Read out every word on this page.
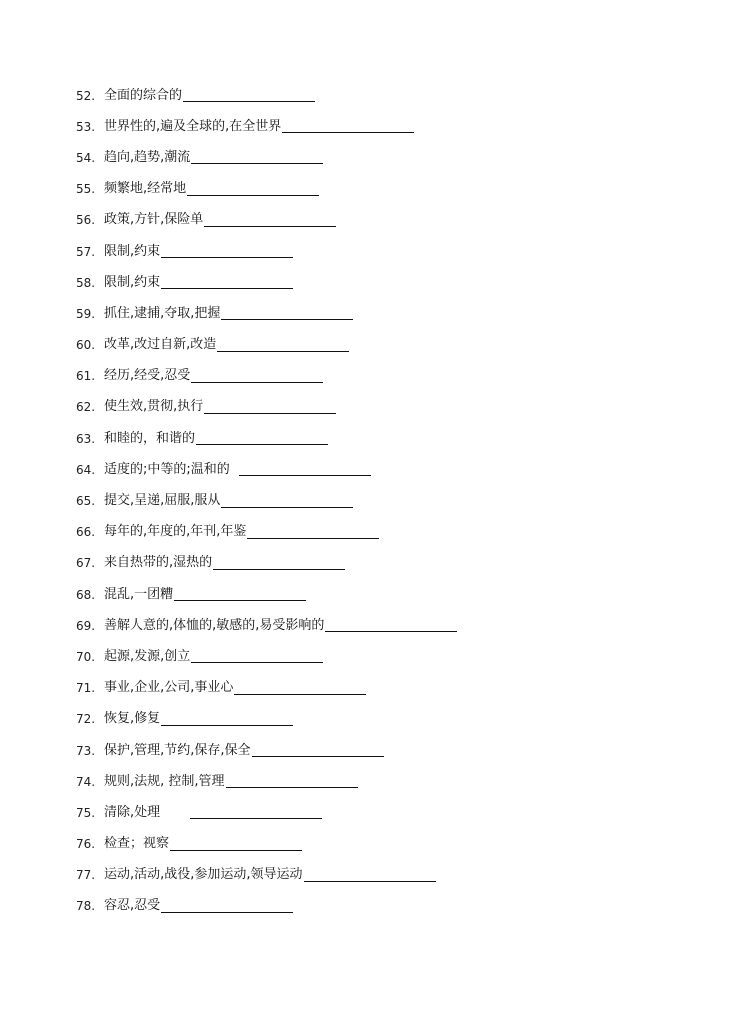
52. 全面的综合的
53. 世界性的,遍及全球的,在全世界
54. 趋向,趋势,潮流
55. 频繁地,经常地
56. 政策,方针,保险单
57. 限制,约束
58. 限制,约束
59. 抓住,逮捕,夺取,把握
60. 改革,改过自新,改造
61. 经历,经受,忍受
62. 使生效,贯彻,执行
63. 和睦的，和谐的
64. 适度的;中等的;温和的
65. 提交,呈递,屈服,服从
66. 每年的,年度的,年刊,年鉴
67. 来自热带的,湿热的
68. 混乱,一团糟
69. 善解人意的,体恤的,敏感的,易受影响的
70. 起源,发源,创立
71. 事业,企业,公司,事业心
72. 恢复,修复
73. 保护,管理,节约,保存,保全
74. 规则,法规, 控制,管理
75. 清除,处理
76. 检查；视察
77. 运动,活动,战役,参加运动,领导运动
78. 容忍,忍受
